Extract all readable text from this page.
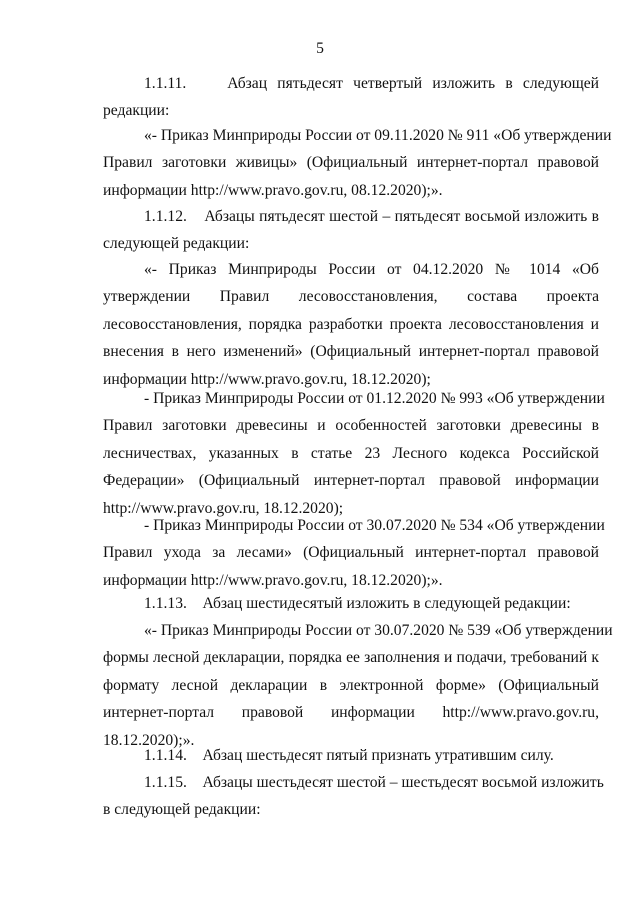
5
1.1.11.    Абзац пятьдесят четвертый изложить в следующей
редакции:
«- Приказ Минприроды России от 09.11.2020 № 911 «Об утверждении
Правил заготовки живицы» (Официальный интернет-портал правовой
информации http://www.pravo.gov.ru, 08.12.2020);».
1.1.12.    Абзацы пятьдесят шестой – пятьдесят восьмой изложить в
следующей редакции:
«- Приказ Минприроды России от 04.12.2020 № 1014 «Об
утверждении Правил лесовосстановления, состава проекта
лесовосстановления, порядка разработки проекта лесовосстановления и
внесения в него изменений» (Официальный интернет-портал правовой
информации http://www.pravo.gov.ru, 18.12.2020);
- Приказ Минприроды России от 01.12.2020 № 993 «Об утверждении
Правил заготовки древесины и особенностей заготовки древесины в
лесничествах, указанных в статье 23 Лесного кодекса Российской
Федерации» (Официальный интернет-портал правовой информации
http://www.pravo.gov.ru, 18.12.2020);
- Приказ Минприроды России от 30.07.2020 № 534 «Об утверждении
Правил ухода за лесами» (Официальный интернет-портал правовой
информации http://www.pravo.gov.ru, 18.12.2020);».
1.1.13.    Абзац шестидесятый изложить в следующей редакции:
«- Приказ Минприроды России от 30.07.2020 № 539 «Об утверждении
формы лесной декларации, порядка ее заполнения и подачи, требований к
формату лесной декларации в электронной форме» (Официальный
интернет-портал правовой информации http://www.pravo.gov.ru,
18.12.2020);».
1.1.14.    Абзац шестьдесят пятый признать утратившим силу.
1.1.15.    Абзацы шестьдесят шестой – шестьдесят восьмой изложить
в следующей редакции:
